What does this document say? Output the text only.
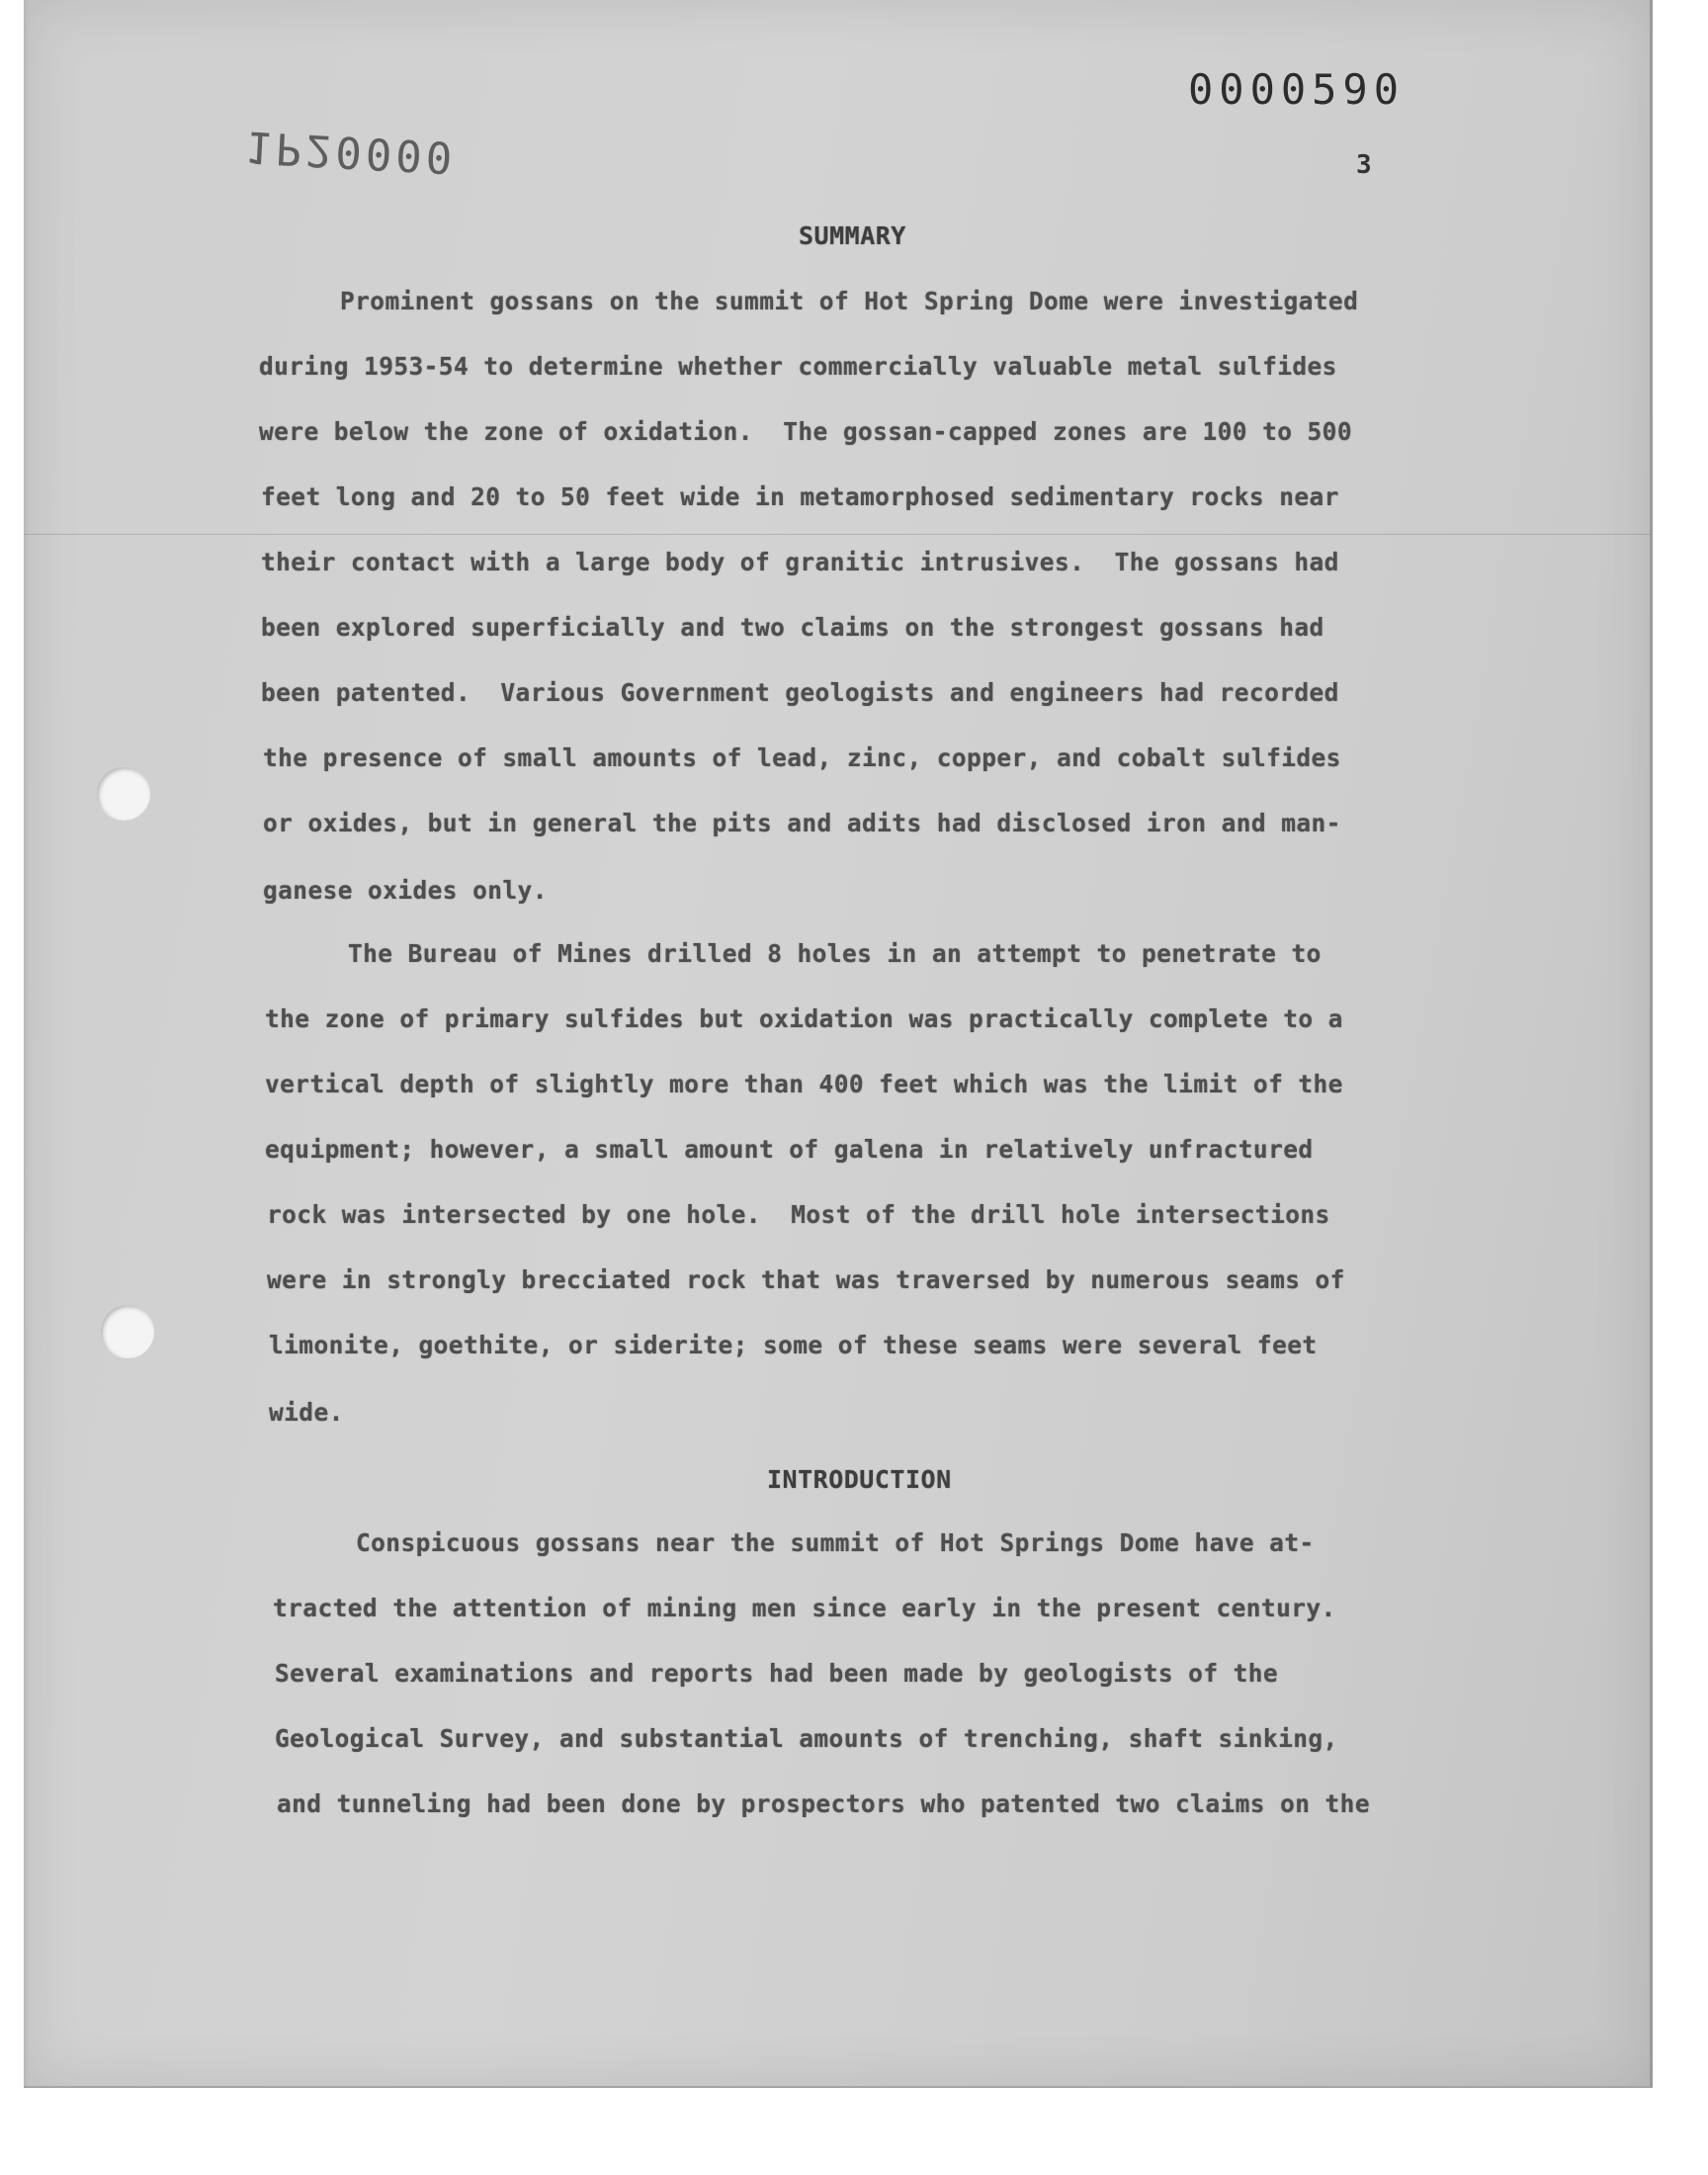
0000590
1P20000	3
SUMMARY
Prominent gossans on the summit of Hot Spring Dome were investigated
during 1953-54 to determine whether commercially valuable metal sulfides
were below the zone of oxidation.  The gossan-capped zones are 100 to 500
feet long and 20 to 50 feet wide in metamorphosed sedimentary rocks near
their contact with a large body of granitic intrusives.  The gossans had
been explored superficially and two claims on the strongest gossans had
been patented.  Various Government geologists and engineers had recorded
the presence of small amounts of lead, zinc, copper, and cobalt sulfides
or oxides, but in general the pits and adits had disclosed iron and man-
ganese oxides only.
The Bureau of Mines drilled 8 holes in an attempt to penetrate to
the zone of primary sulfides but oxidation was practically complete to a
vertical depth of slightly more than 400 feet which was the limit of the
equipment; however, a small amount of galena in relatively unfractured
rock was intersected by one hole.  Most of the drill hole intersections
were in strongly brecciated rock that was traversed by numerous seams of
limonite, goethite, or siderite; some of these seams were several feet
wide.
INTRODUCTION
Conspicuous gossans near the summit of Hot Springs Dome have at-
tracted the attention of mining men since early in the present century.
Several examinations and reports had been made by geologists of the
Geological Survey, and substantial amounts of trenching, shaft sinking,
and tunneling had been done by prospectors who patented two claims on the
